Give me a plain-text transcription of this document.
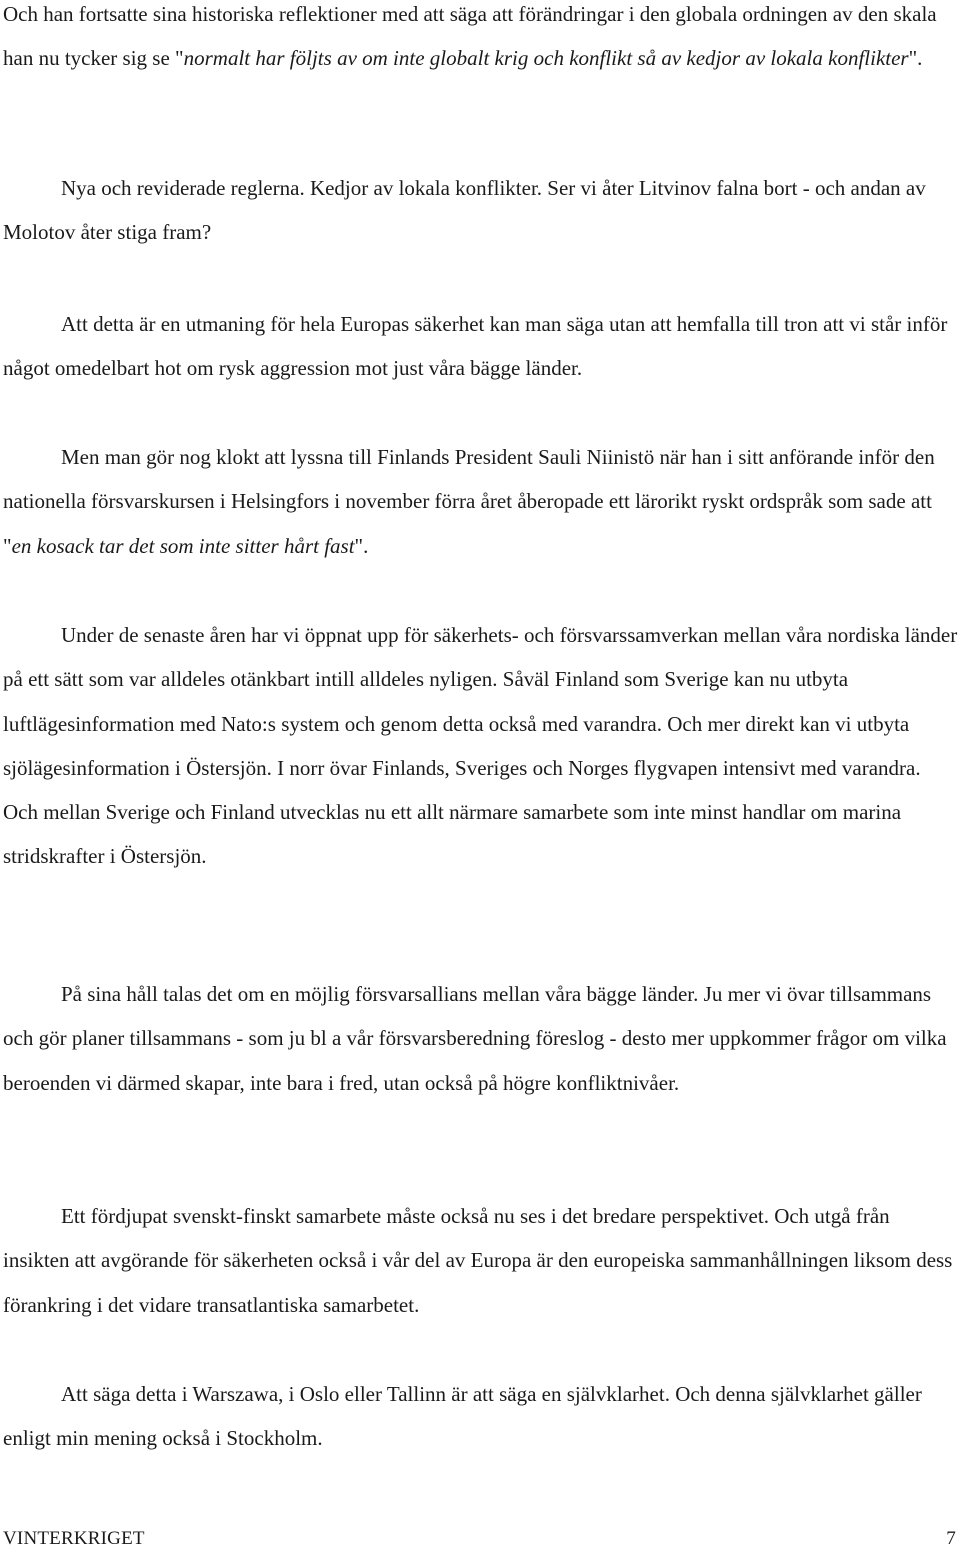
Och han fortsatte sina historiska reflektioner med att säga att förändringar i den globala ordningen av den skala han nu tycker sig se "normalt har följts av om inte globalt krig och konflikt så av kedjor av lokala konflikter".

Nya och reviderade reglerna. Kedjor av lokala konflikter. Ser vi åter Litvinov falna bort - och andan av Molotov åter stiga fram?

Att detta är en utmaning för hela Europas säkerhet kan man säga utan att hemfalla till tron att vi står inför något omedelbart hot om rysk aggression mot just våra bägge länder.

Men man gör nog klokt att lyssna till Finlands President Sauli Niinistö när han i sitt anförande inför den nationella försvarskursen i Helsingfors i november förra året åberopade ett lärorikt ryskt ordspråk som sade att "en kosack tar det som inte sitter hårt fast".

Under de senaste åren har vi öppnat upp för säkerhets- och försvarssamverkan mellan våra nordiska länder på ett sätt som var alldeles otänkbart intill alldeles nyligen. Såväl Finland som Sverige kan nu utbyta luftlägesinformation med Nato:s system och genom detta också med varandra. Och mer direkt kan vi utbyta sjölägesinformation i Östersjön. I norr övar Finlands, Sveriges och Norges flygvapen intensivt med varandra. Och mellan Sverige och Finland utvecklas nu ett allt närmare samarbete som inte minst handlar om marina stridskrafter i Östersjön.

På sina håll talas det om en möjlig försvarsallians mellan våra bägge länder. Ju mer vi övar tillsammans och gör planer tillsammans - som ju bl a vår försvarsberedning föreslog - desto mer uppkommer frågor om vilka beroenden vi därmed skapar, inte bara i fred, utan också på högre konfliktnivåer.

Ett fördjupat svenskt-finskt samarbete måste också nu ses i det bredare perspektivet. Och utgå från insikten att avgörande för säkerheten också i vår del av Europa är den europeiska sammanhållningen liksom dess förankring i det vidare transatlantiska samarbetet.

Att säga detta i Warszawa, i Oslo eller Tallinn är att säga en självklarhet. Och denna självklarhet gäller enligt min mening också i Stockholm.

VINTERKRIGET	7
